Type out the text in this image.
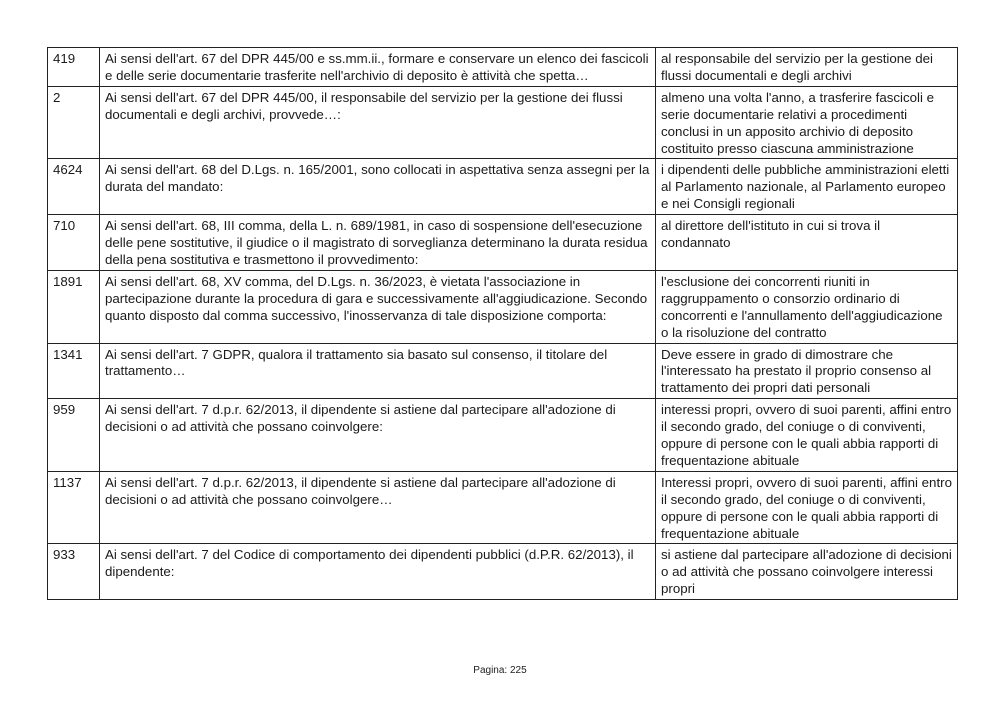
419	Ai sensi dell'art. 67 del DPR 445/00 e ss.mm.ii., formare e conservare un elenco dei fascicoli e delle serie documentarie trasferite nell'archivio di deposito è attività che spetta…	al responsabile del servizio per la gestione dei flussi documentali e degli archivi
2	Ai sensi dell'art. 67 del DPR 445/00, il responsabile del servizio per la gestione dei flussi documentali e degli archivi, provvede…:	almeno una volta l'anno, a trasferire fascicoli e serie documentarie relativi a procedimenti conclusi in un apposito archivio di deposito costituito presso ciascuna amministrazione
4624	Ai sensi dell'art. 68 del D.Lgs. n. 165/2001, sono collocati in aspettativa senza assegni per la durata del mandato:	i dipendenti delle pubbliche amministrazioni eletti al Parlamento nazionale, al Parlamento europeo e nei Consigli regionali
710	Ai sensi dell'art. 68, III comma, della L. n. 689/1981, in caso di sospensione dell'esecuzione delle pene sostitutive, il giudice o il magistrato di sorveglianza determinano la durata residua della pena sostitutiva e trasmettono il provvedimento:	al direttore dell'istituto in cui si trova il condannato
1891	Ai sensi dell'art. 68, XV comma, del D.Lgs. n. 36/2023, è vietata l'associazione in partecipazione durante la procedura di gara e successivamente all'aggiudicazione. Secondo quanto disposto dal comma successivo, l'inosservanza di tale disposizione comporta:	l'esclusione dei concorrenti riuniti in raggruppamento o consorzio ordinario di concorrenti e l'annullamento dell'aggiudicazione o la risoluzione del contratto
1341	Ai sensi dell'art. 7 GDPR, qualora il trattamento sia basato sul consenso, il titolare del trattamento…	Deve essere in grado di dimostrare che l'interessato ha prestato il proprio consenso al trattamento dei propri dati personali
959	Ai sensi dell'art. 7 d.p.r. 62/2013, il dipendente si astiene dal partecipare all'adozione di decisioni o ad attività che possano coinvolgere:	interessi propri, ovvero di suoi parenti, affini entro il secondo grado, del coniuge o di conviventi, oppure di persone con le quali abbia rapporti di frequentazione abituale
1137	Ai sensi dell'art. 7 d.p.r. 62/2013, il dipendente si astiene dal partecipare all'adozione di decisioni o ad attività che possano coinvolgere…	Interessi propri, ovvero di suoi parenti, affini entro il secondo grado, del coniuge o di conviventi, oppure di persone con le quali abbia rapporti di frequentazione abituale
933	Ai sensi dell'art. 7 del Codice di comportamento dei dipendenti pubblici (d.P.R. 62/2013), il dipendente:	si astiene dal partecipare all'adozione di decisioni o ad attività che possano coinvolgere interessi propri
Pagina: 225
